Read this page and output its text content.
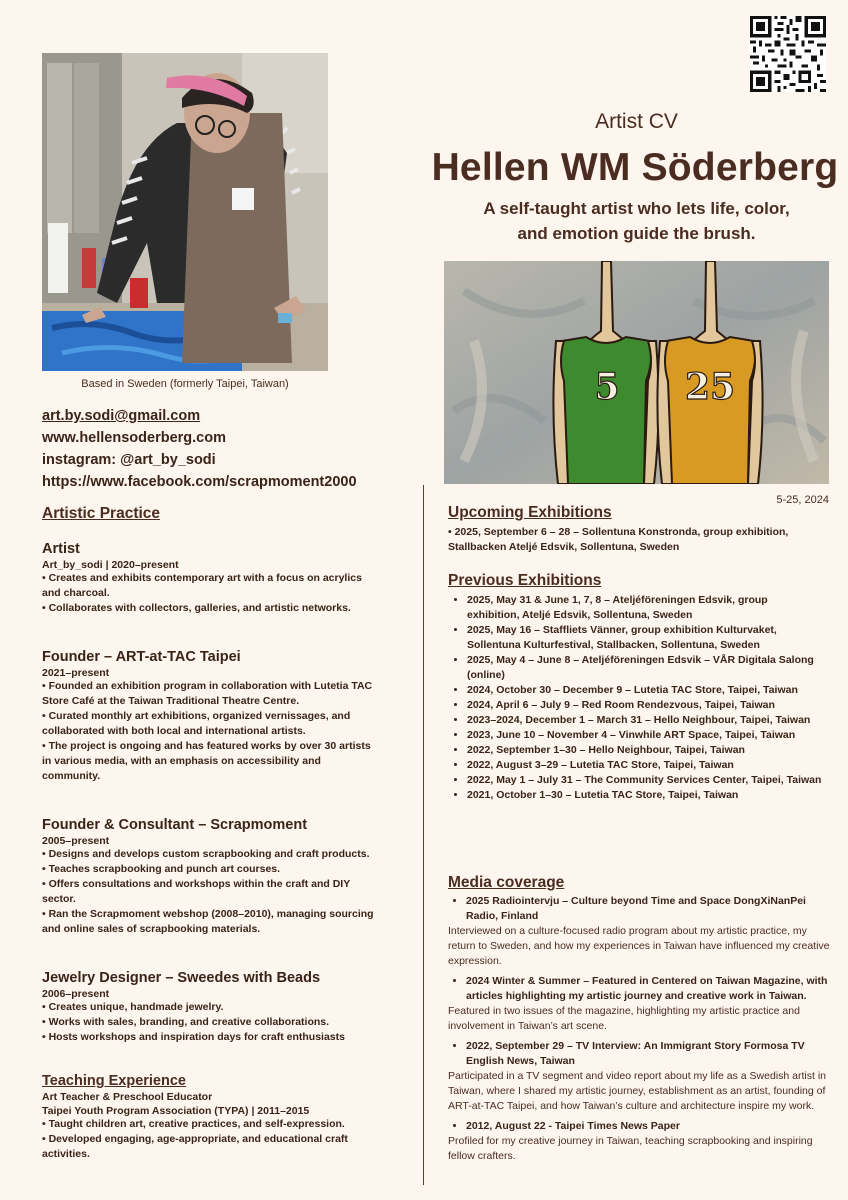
Based in Sweden (formerly Taipei, Taiwan)
Artist CV
Hellen WM Söderberg
A self-taught artist who lets life, color,
and emotion guide the brush.
5 25
5-25, 2024
art.by.sodi@gmail.com
www.hellensoderberg.com
instagram: @art_by_sodi
https://www.facebook.com/scrapmoment2000
Artistic Practice
Artist
Art_by_sodi | 2020–present
• Creates and exhibits contemporary art with a focus on acrylics and charcoal.
• Collaborates with collectors, galleries, and artistic networks.
Founder – ART-at-TAC Taipei
2021–present
• Founded an exhibition program in collaboration with Lutetia TAC Store Café at the Taiwan Traditional Theatre Centre.
• Curated monthly art exhibitions, organized vernissages, and collaborated with both local and international artists.
• The project is ongoing and has featured works by over 30 artists in various media, with an emphasis on accessibility and community.
Founder & Consultant – Scrapmoment
2005–present
• Designs and develops custom scrapbooking and craft products.
• Teaches scrapbooking and punch art courses.
• Offers consultations and workshops within the craft and DIY sector.
• Ran the Scrapmoment webshop (2008–2010), managing sourcing and online sales of scrapbooking materials.
Jewelry Designer – Sweedes with Beads
2006–present
• Creates unique, handmade jewelry.
• Works with sales, branding, and creative collaborations.
• Hosts workshops and inspiration days for craft enthusiasts
Teaching Experience
Art Teacher & Preschool Educator
Taipei Youth Program Association (TYPA) | 2011–2015
• Taught children art, creative practices, and self-expression.
• Developed engaging, age-appropriate, and educational craft activities.
Upcoming Exhibitions
• 2025, September 6 – 28 – Sollentuna Konstronda, group exhibition, Stallbacken Ateljé Edsvik, Sollentuna, Sweden
Previous Exhibitions
• 2025, May 31 & June 1, 7, 8 – Ateljéföreningen Edsvik, group exhibition, Ateljé Edsvik, Sollentuna, Sweden
• 2025, May 16 – Stafflіets Vänner, group exhibition Kulturvaket, Sollentuna Kulturfestival, Stallbacken, Sollentuna, Sweden
• 2025, May 4 – June 8 – Ateljéföreningen Edsvik – VÅR Digitala Salong (online)
• 2024, October 30 – December 9 – Lutetia TAC Store, Taipei, Taiwan
• 2024, April 6 – July 9 – Red Room Rendezvous, Taipei, Taiwan
• 2023–2024, December 1 – March 31 – Hello Neighbour, Taipei, Taiwan
• 2023, June 10 – November 4 – Vinwhile ART Space, Taipei, Taiwan
• 2022, September 1–30 – Hello Neighbour, Taipei, Taiwan
• 2022, August 3–29 – Lutetia TAC Store, Taipei, Taiwan
• 2022, May 1 – July 31 – The Community Services Center, Taipei, Taiwan
• 2021, October 1–30 – Lutetia TAC Store, Taipei, Taiwan
Media coverage
• 2025 Radiointervju – Culture beyond Time and Space DongXiNanPei Radio, Finland
Interviewed on a culture-focused radio program about my artistic practice, my return to Sweden, and how my experiences in Taiwan have influenced my creative expression.
• 2024 Winter & Summer – Featured in Centered on Taiwan Magazine, with articles highlighting my artistic journey and creative work in Taiwan.
Featured in two issues of the magazine, highlighting my artistic practice and involvement in Taiwan’s art scene.
• 2022, September 29 – TV Interview: An Immigrant Story Formosa TV English News, Taiwan
Participated in a TV segment and video report about my life as a Swedish artist in Taiwan, where I shared my artistic journey, establishment as an artist, founding of ART-at-TAC Taipei, and how Taiwan’s culture and architecture inspire my work.
• 2012, August 22 - Taipei Times News Paper
Profiled for my creative journey in Taiwan, teaching scrapbooking and inspiring fellow crafters.
